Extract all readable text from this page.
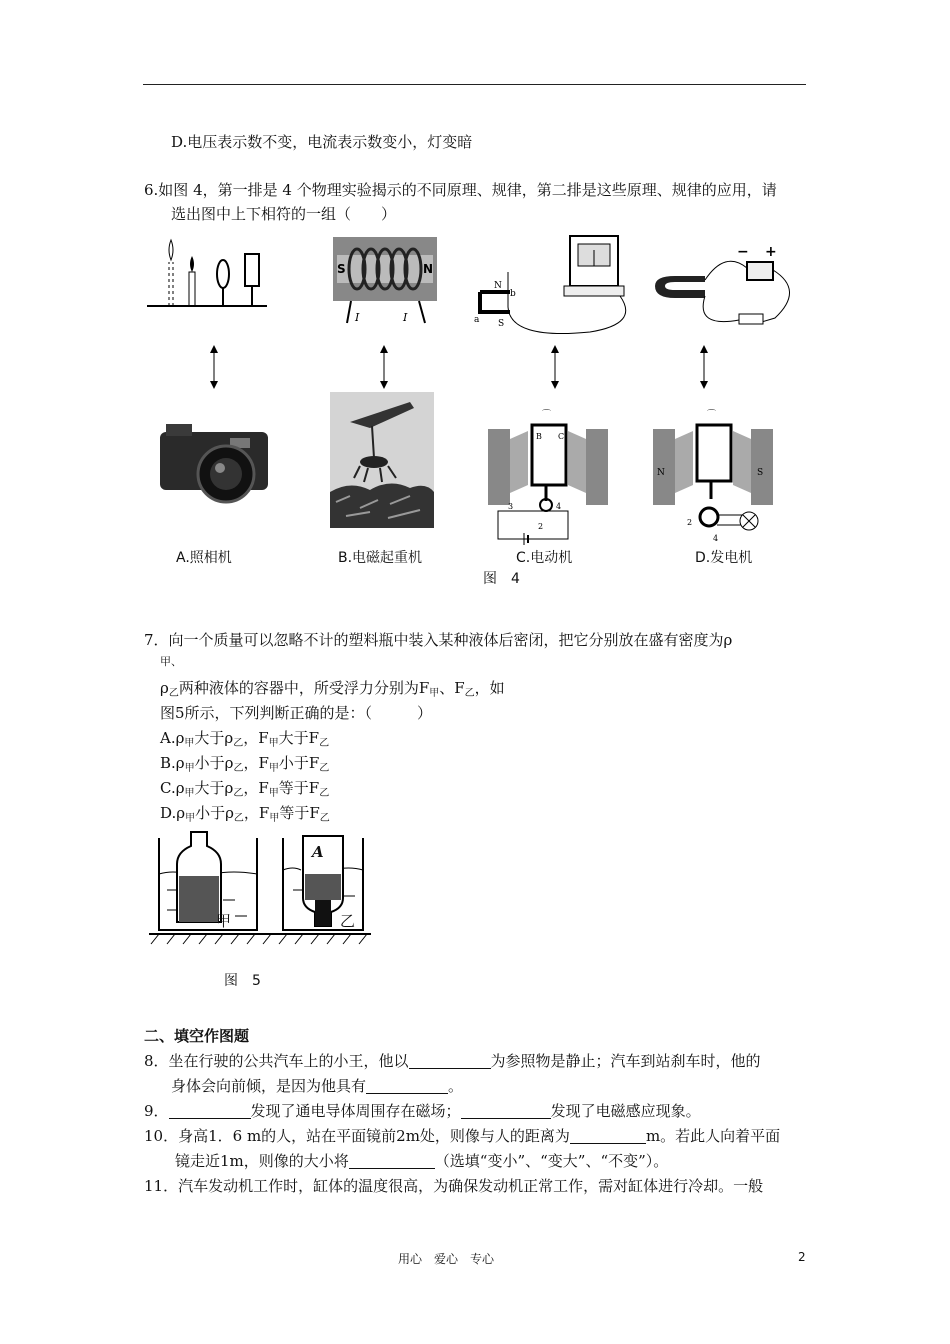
D.电压表示数不变，电流表示数变小，灯变暗
6.如图 4，第一排是 4 个物理实验揭示的不同原理、规律，第二排是这些原理、规律的应用，请
选出图中上下相符的一组（　　）
S	N
I	I
N
b
a S
− +
⌒
B C
3	4
2
⌒
N	S
2
4
A.照相机	B.电磁起重机	C.电动机	D.发电机
图　4
7．向一个质量可以忽略不计的塑料瓶中装入某种液体后密闭，把它分别放在盛有密度为ρ
甲、
$\rho_乙$两种液体的容器中，所受浮力分别为$F_甲$、$F_乙$，如
图5所示，下列判断正确的是：（　　　）
$A.\rho_甲$大于$\rho_乙$，$F_甲$大于$F_乙$
$B.\rho_甲$小于$\rho_乙$，$F_甲$小于$F_乙$
$C.\rho_甲$大于$\rho_乙$，$F_甲$等于$F_乙$
$D.\rho_甲$小于$\rho_乙$，$F_甲$等于$F_乙$
A
A
甲	乙
图　5
二、填空作图题
8．坐在行驶的公共汽车上的小王，他以	为参照物是静止；汽车到站刹车时，他的
身体会向前倾，是因为他具有	。
9．	发现了通电导体周围存在磁场；	发现了电磁感应现象。
10．身高1．6 m的人，站在平面镜前2m处，则像与人的距离为	m。若此人向着平面
镜走近1m，则像的大小将	（选填“变小”、“变大”、“不变”）。
11．汽车发动机工作时，缸体的温度很高，为确保发动机正常工作，需对缸体进行冷却。一般
用心　爱心　专心	2
